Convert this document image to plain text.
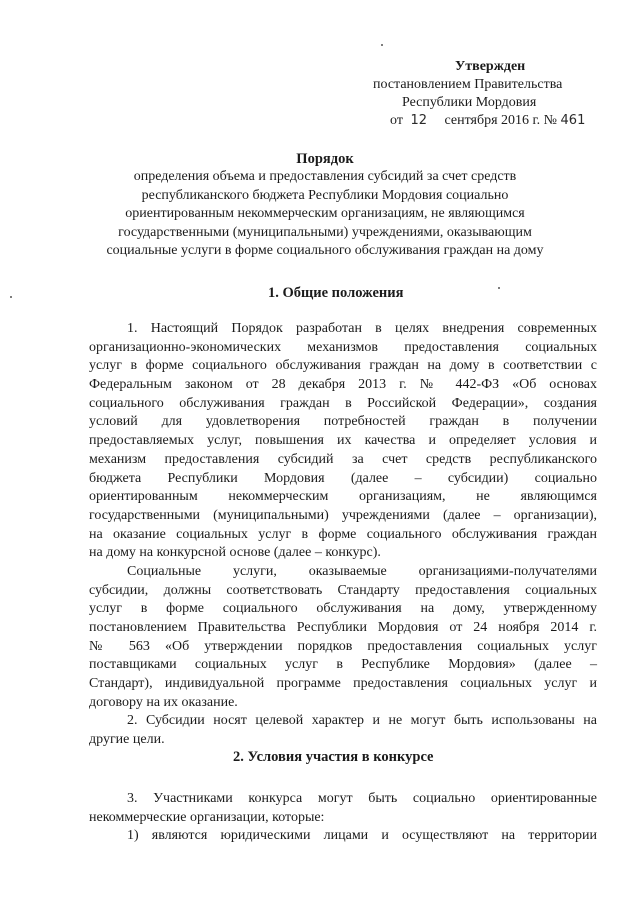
Утвержден
постановлением Правительства
Республики Мордовия
от 12 сентября 2016 г. № 461
Порядок
определения объема и предоставления субсидий за счет средств
республиканского бюджета Республики Мордовия социально
ориентированным некоммерческим организациям, не являющимся
государственными (муниципальными) учреждениями, оказывающим
социальные услуги в форме социального обслуживания граждан на дому
1. Общие положения
1. Настоящий Порядок разработан в целях внедрения современных
организационно-экономических механизмов предоставления социальных
услуг в форме социального обслуживания граждан на дому в соответствии с
Федеральным законом от 28 декабря 2013 г. № 442-ФЗ «Об основах
социального обслуживания граждан в Российской Федерации», создания
условий для удовлетворения потребностей граждан в получении
предоставляемых услуг, повышения их качества и определяет условия и
механизм предоставления субсидий за счет средств республиканского
бюджета Республики Мордовия (далее – субсидии) социально
ориентированным некоммерческим организациям, не являющимся
государственными (муниципальными) учреждениями (далее – организации),
на оказание социальных услуг в форме социального обслуживания граждан
на дому на конкурсной основе (далее – конкурс).
Социальные услуги, оказываемые организациями-получателями
субсидии, должны соответствовать Стандарту предоставления социальных
услуг в форме социального обслуживания на дому, утвержденному
постановлением Правительства Республики Мордовия от 24 ноября 2014 г.
№ 563 «Об утверждении порядков предоставления социальных услуг
поставщиками социальных услуг в Республике Мордовия» (далее –
Стандарт), индивидуальной программе предоставления социальных услуг и
договору на их оказание.
2. Субсидии носят целевой характер и не могут быть использованы на
другие цели.
2. Условия участия в конкурсе
3. Участниками конкурса могут быть социально ориентированные
некоммерческие организации, которые:
1) являются юридическими лицами и осуществляют на территории
